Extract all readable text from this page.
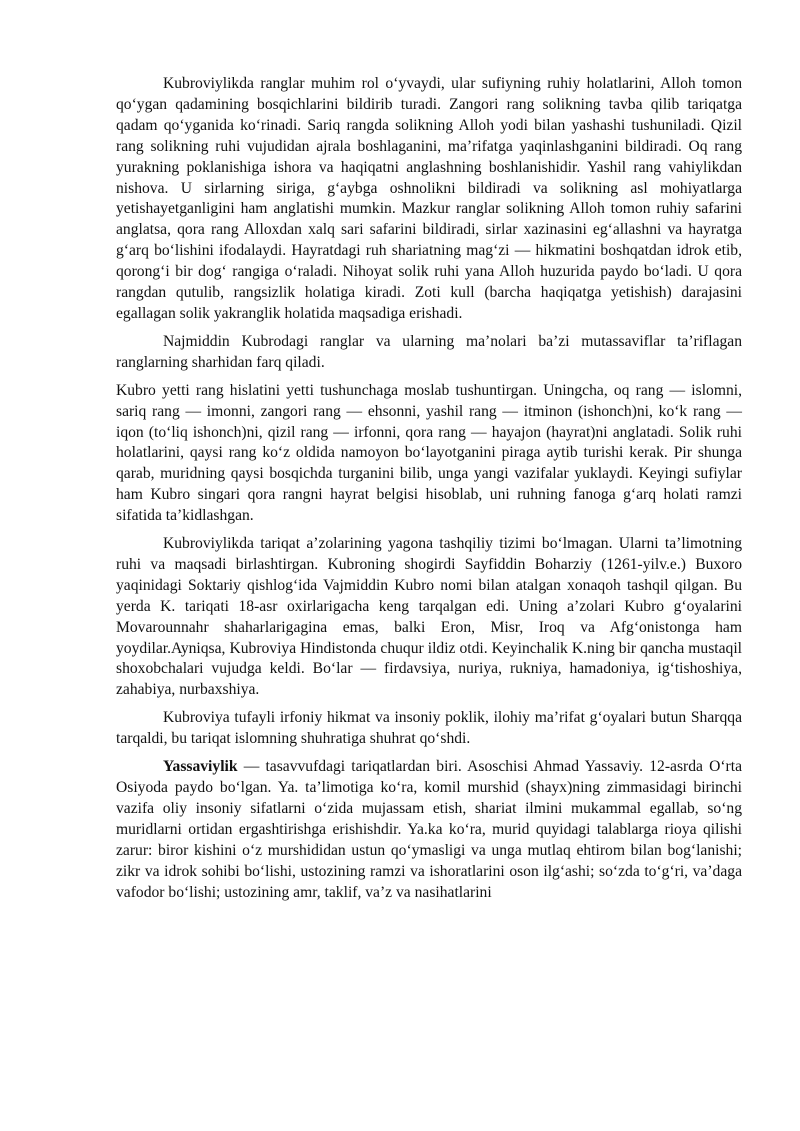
Kubroviylikda ranglar muhim rol o‘yvaydi, ular sufiyning ruhiy holatlarini, Alloh tomon qo‘ygan qadamining bosqichlarini bildirib turadi. Zangori rang solikning tavba qilib tariqatga qadam qo‘yganida ko‘rinadi. Sariq rangda solikning Alloh yodi bilan yashashi tushuniladi. Qizil rang solikning ruhi vujudidan ajrala boshlaganini, ma’rifatga yaqinlashganini bildiradi. Oq rang yurakning poklanishiga ishora va haqiqatni anglashning boshlanishidir. Yashil rang vahiylikdan nishova. U sirlarning siriga, g‘aybga oshnolikni bildiradi va solikning asl mohiyatlarga yetishayetganligini ham anglatishi mumkin. Mazkur ranglar solikning Alloh tomon ruhiy safarini anglatsa, qora rang Alloxdan xalq sari safarini bildiradi, sirlar xazinasini eg‘allashni va hayratga g‘arq bo‘lishini ifodalaydi. Hayratdagi ruh shariatning mag‘zi — hikmatini boshqatdan idrok etib, qorong‘i bir dog‘ rangiga o‘raladi. Nihoyat solik ruhi yana Alloh huzurida paydo bo‘ladi. U qora rangdan qutulib, rangsizlik holatiga kiradi. Zoti kull (barcha haqiqatga yetishish) darajasini egallagan solik yakranglik holatida maqsadiga erishadi.

Najmiddin Kubrodagi ranglar va ularning ma’nolari ba’zi mutassaviflar ta’riflagan ranglarning sharhidan farq qiladi.

Kubro yetti rang hislatini yetti tushunchaga moslab tushuntirgan. Uningcha, oq rang — islomni, sariq rang — imonni, zangori rang — ehsonni, yashil rang — itminon (ishonch)ni, ko‘k rang — iqon (to‘liq ishonch)ni, qizil rang — irfonni, qora rang — hayajon (hayrat)ni anglatadi. Solik ruhi holatlarini, qaysi rang ko‘z oldida namoyon bo‘layotganini piraga aytib turishi kerak. Pir shunga qarab, muridning qaysi bosqichda turganini bilib, unga yangi vazifalar yuklaydi. Keyingi sufiylar ham Kubro singari qora rangni hayrat belgisi hisoblab, uni ruhning fanoga g‘arq holati ramzi sifatida ta’kidlashgan.

Kubroviylikda tariqat a’zolarining yagona tashqiliy tizimi bo‘lmagan. Ularni ta’limotning ruhi va maqsadi birlashtirgan. Kubroning shogirdi Sayfiddin Boharziy (1261-yilv.e.) Buxoro yaqinidagi Soktariy qishlog‘ida Vajmiddin Kubro nomi bilan atalgan xonaqoh tashqil qilgan. Bu yerda K. tariqati 18-asr oxirlarigacha keng tarqalgan edi. Uning a’zolari Kubro g‘oyalarini Movarounnahr shaharlarigagina emas, balki Eron, Misr, Iroq va Afg‘onistonga ham yoydilar.Ayniqsa, Kubroviya Hindistonda chuqur ildiz otdi. Keyinchalik K.ning bir qancha mustaqil shoxobchalari vujudga keldi. Bo‘lar — firdavsiya, nuriya, rukniya, hamadoniya, ig‘tishoshiya, zahabiya, nurbaxshiya.

Kubroviya tufayli irfoniy hikmat va insoniy poklik, ilohiy ma’rifat g‘oyalari butun Sharqqa tarqaldi, bu tariqat islomning shuhratiga shuhrat qo‘shdi.

Yassaviylik — tasavvufdagi tariqatlardan biri. Asoschisi Ahmad Yassaviy. 12-asrda O‘rta Osiyoda paydo bo‘lgan. Ya. ta’limotiga ko‘ra, komil murshid (shayx)ning zimmasidagi birinchi vazifa oliy insoniy sifatlarni o‘zida mujassam etish, shariat ilmini mukammal egallab, so‘ng muridlarni ortidan ergashtirishga erishishdir. Ya.ka ko‘ra, murid quyidagi talablarga rioya qilishi zarur: biror kishini o‘z murshididan ustun qo‘ymasligi va unga mutlaq ehtirom bilan bog‘lanishi; zikr va idrok sohibi bo‘lishi, ustozining ramzi va ishoratlarini oson ilg‘ashi; so‘zda to‘g‘ri, va’daga vafodor bo‘lishi; ustozining amr, taklif, va’z va nasihatlarini
